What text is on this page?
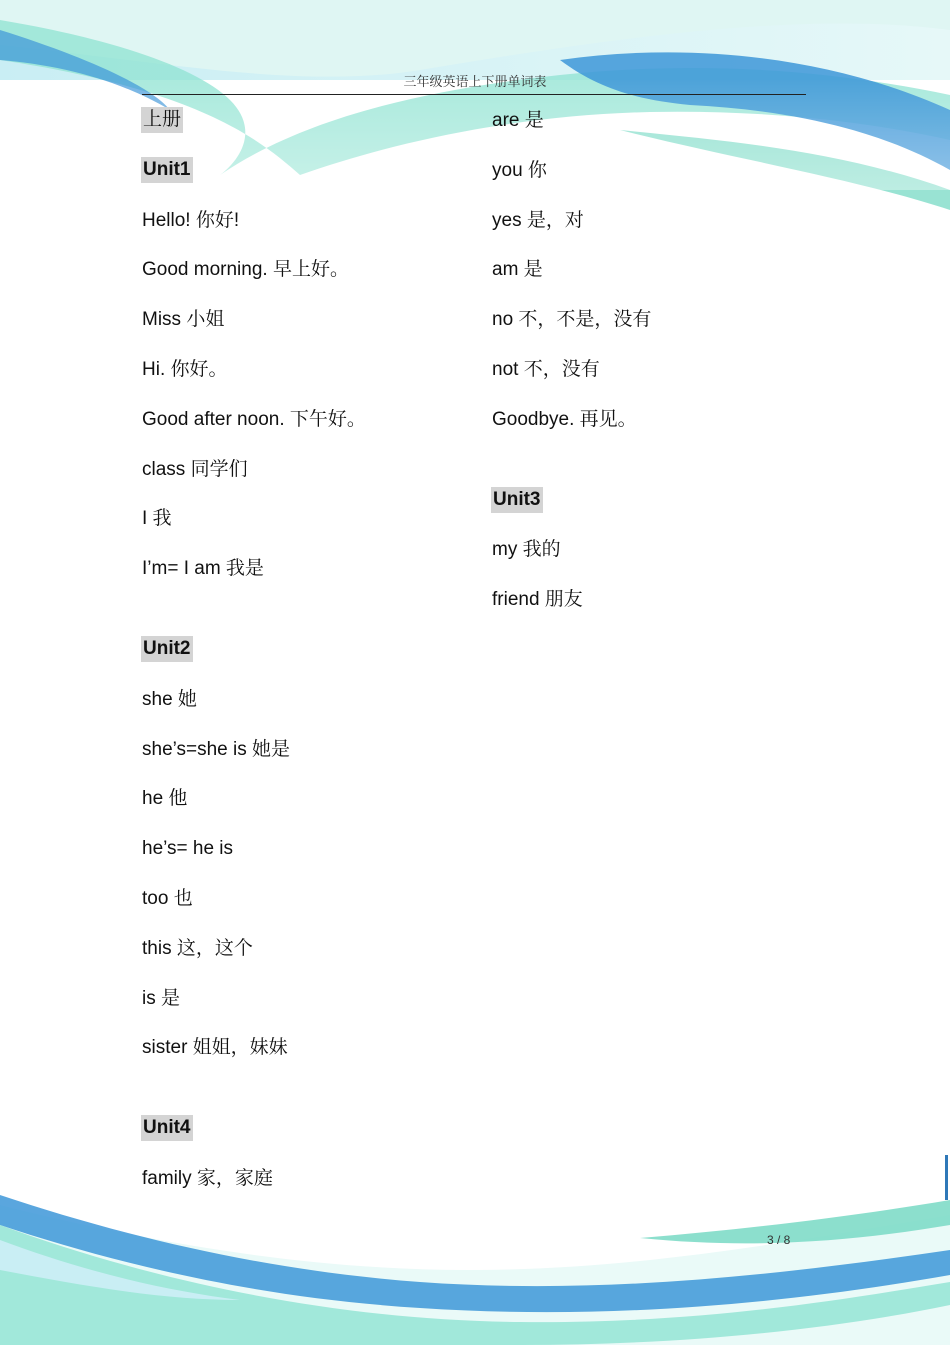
三年级英语上下册单词表
上册
Unit1
Hello! 你好!
Good morning. 早上好。
Miss 小姐
Hi. 你好。
Good after noon. 下午好。
class 同学们
I 我
I’m= I am 我是
Unit2
she 她
she’s=she is 她是
he 他
he’s= he is
too 也
this 这，这个
is 是
sister 姐姐，妹妹
Unit4
family 家，家庭
are 是
you 你
yes 是，对
am 是
no 不，不是，没有
not 不，没有
Goodbye. 再见。
Unit3
my 我的
friend 朋友
3 / 8
